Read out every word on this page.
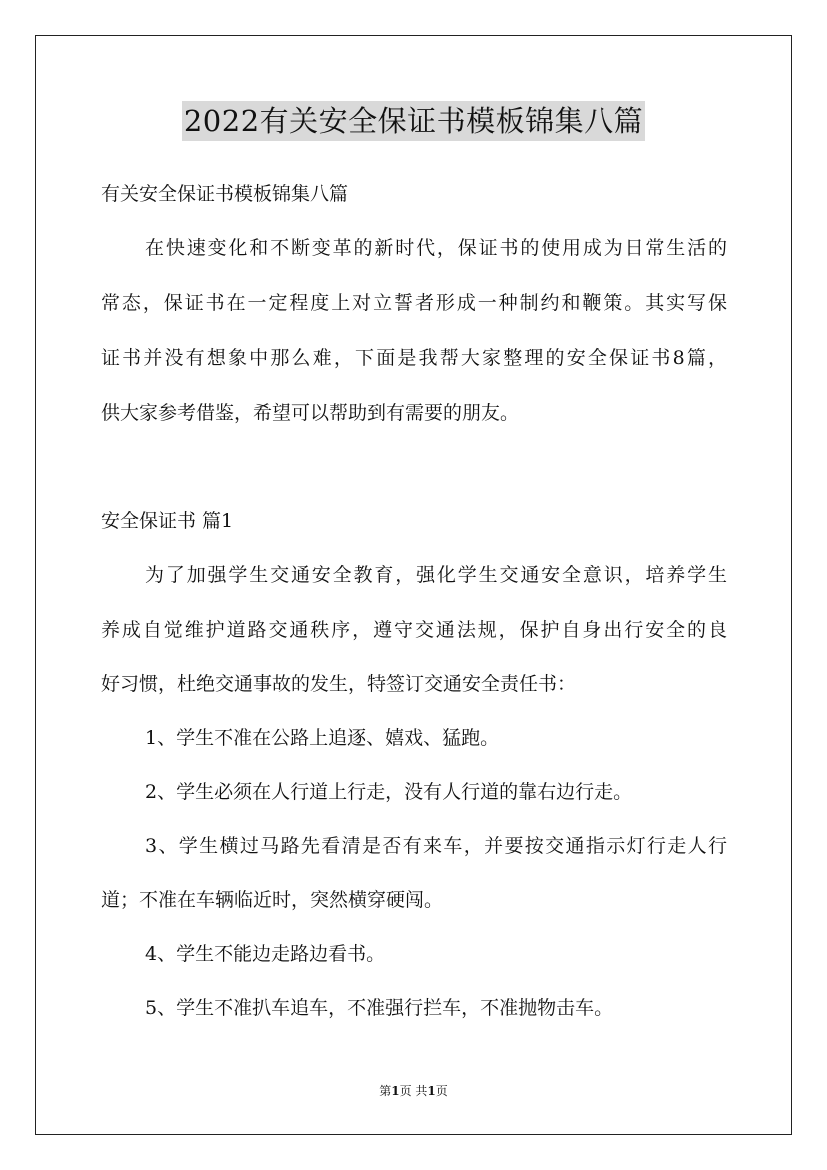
2022有关安全保证书模板锦集八篇
有关安全保证书模板锦集八篇
在快速变化和不断变革的新时代，保证书的使用成为日常生活的
常态，保证书在一定程度上对立誓者形成一种制约和鞭策。其实写保
证书并没有想象中那么难，下面是我帮大家整理的安全保证书8篇，
供大家参考借鉴，希望可以帮助到有需要的朋友。
安全保证书 篇1
为了加强学生交通安全教育，强化学生交通安全意识，培养学生
养成自觉维护道路交通秩序，遵守交通法规，保护自身出行安全的良
好习惯，杜绝交通事故的发生，特签订交通安全责任书：
1、学生不准在公路上追逐、嬉戏、猛跑。
2、学生必须在人行道上行走，没有人行道的靠右边行走。
3、学生横过马路先看清是否有来车，并要按交通指示灯行走人行
道；不准在车辆临近时，突然横穿硬闯。
4、学生不能边走路边看书。
5、学生不准扒车追车，不准强行拦车，不准抛物击车。
第1页 共1页
